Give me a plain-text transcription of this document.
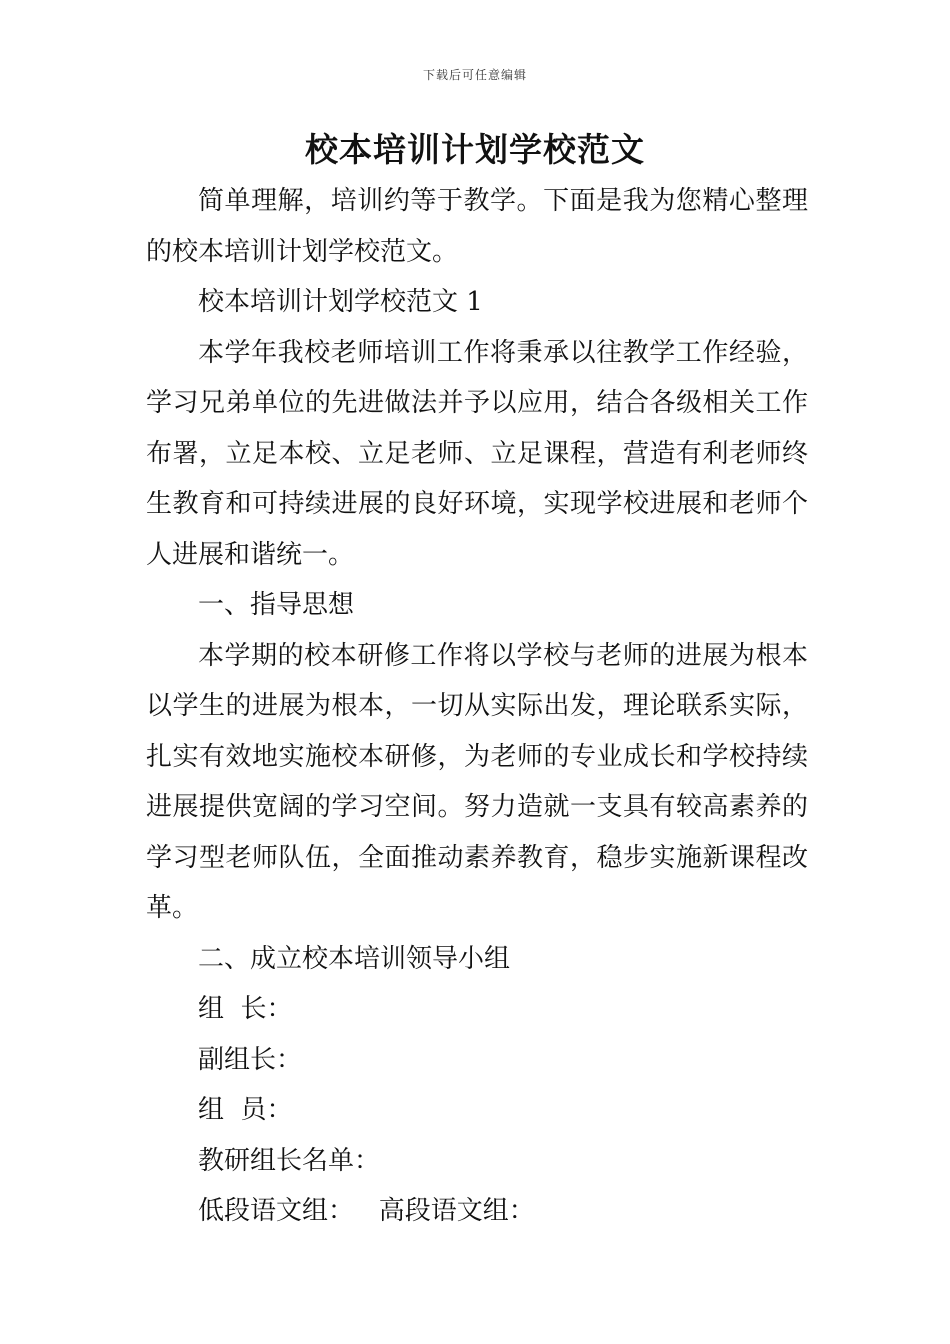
下载后可任意编辑
校本培训计划学校范文

简单理解，培训约等于教学。下面是我为您精心整理的校本培训计划学校范文。

校本培训计划学校范文 1

本学年我校老师培训工作将秉承以往教学工作经验，学习兄弟单位的先进做法并予以应用，结合各级相关工作布署，立足本校、立足老师、立足课程，营造有利老师终生教育和可持续进展的良好环境，实现学校进展和老师个人进展和谐统一。

一、指导思想

本学期的校本研修工作将以学校与老师的进展为根本以学生的进展为根本，一切从实际出发，理论联系实际，扎实有效地实施校本研修，为老师的专业成长和学校持续进展提供宽阔的学习空间。努力造就一支具有较高素养的学习型老师队伍，全面推动素养教育，稳步实施新课程改革。

二、成立校本培训领导小组

组  长：

副组长：

组  员：

教研组长名单：

低段语文组：   高段语文组：
